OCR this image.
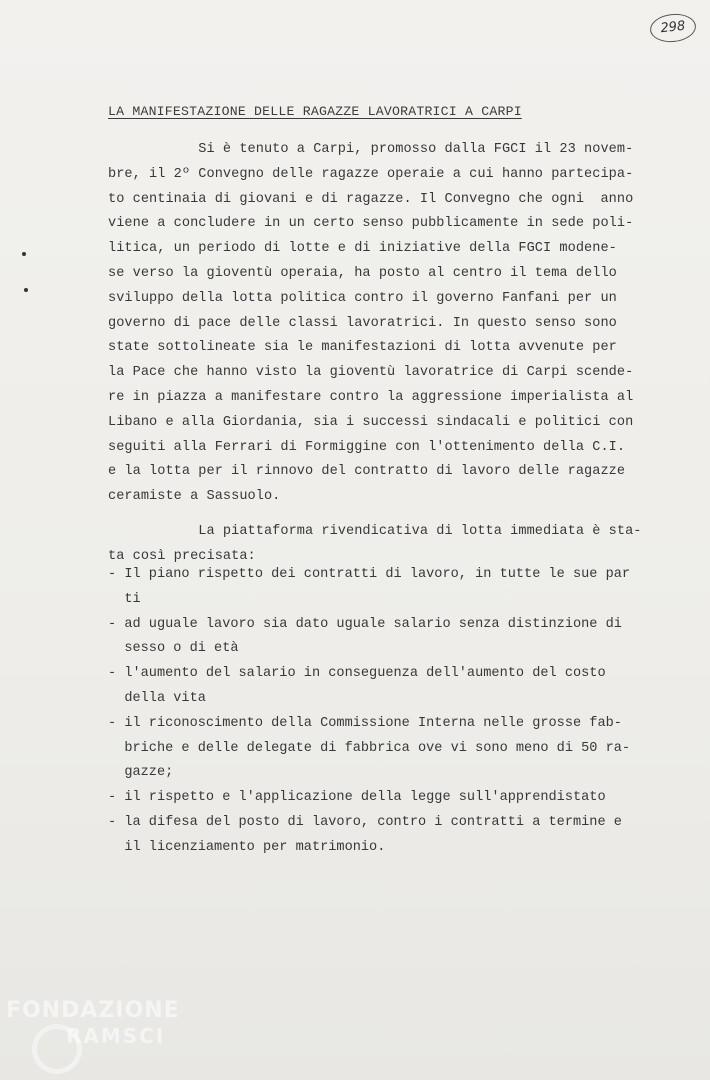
298
LA MANIFESTAZIONE DELLE RAGAZZE LAVORATRICI A CARPI
Si è tenuto a Carpi, promosso dalla FGCI il 23 novem-
bre, il 2º Convegno delle ragazze operaie a cui hanno partecipa-
to centinaia di giovani e di ragazze. Il Convegno che ogni  anno
viene a concludere in un certo senso pubblicamente in sede poli-
litica, un periodo di lotte e di iniziative della FGCI modene-
se verso la gioventù operaia, ha posto al centro il tema dello
sviluppo della lotta politica contro il governo Fanfani per un
governo di pace delle classi lavoratrici. In questo senso sono
state sottolineate sia le manifestazioni di lotta avvenute per
la Pace che hanno visto la gioventù lavoratrice di Carpi scende-
re in piazza a manifestare contro la aggressione imperialista al
Libano e alla Giordania, sia i successi sindacali e politici con
seguiti alla Ferrari di Formiggine con l'ottenimento della C.I.
e la lotta per il rinnovo del contratto di lavoro delle ragazze
ceramiste a Sassuolo.
La piattaforma rivendicativa di lotta immediata è sta-
ta così precisata:
- Il piano rispetto dei contratti di lavoro, in tutte le sue par
ti
- ad uguale lavoro sia dato uguale salario senza distinzione di
sesso o di età
- l'aumento del salario in conseguenza dell'aumento del costo
della vita
- il riconoscimento della Commissione Interna nelle grosse fab-
briche e delle delegate di fabbrica ove vi sono meno di 50 ra-
gazze;
- il rispetto e l'applicazione della legge sull'apprendistato
- la difesa del posto di lavoro, contro i contratti a termine e
il licenziamento per matrimonio.
FONDAZIONE
RAMSCI
